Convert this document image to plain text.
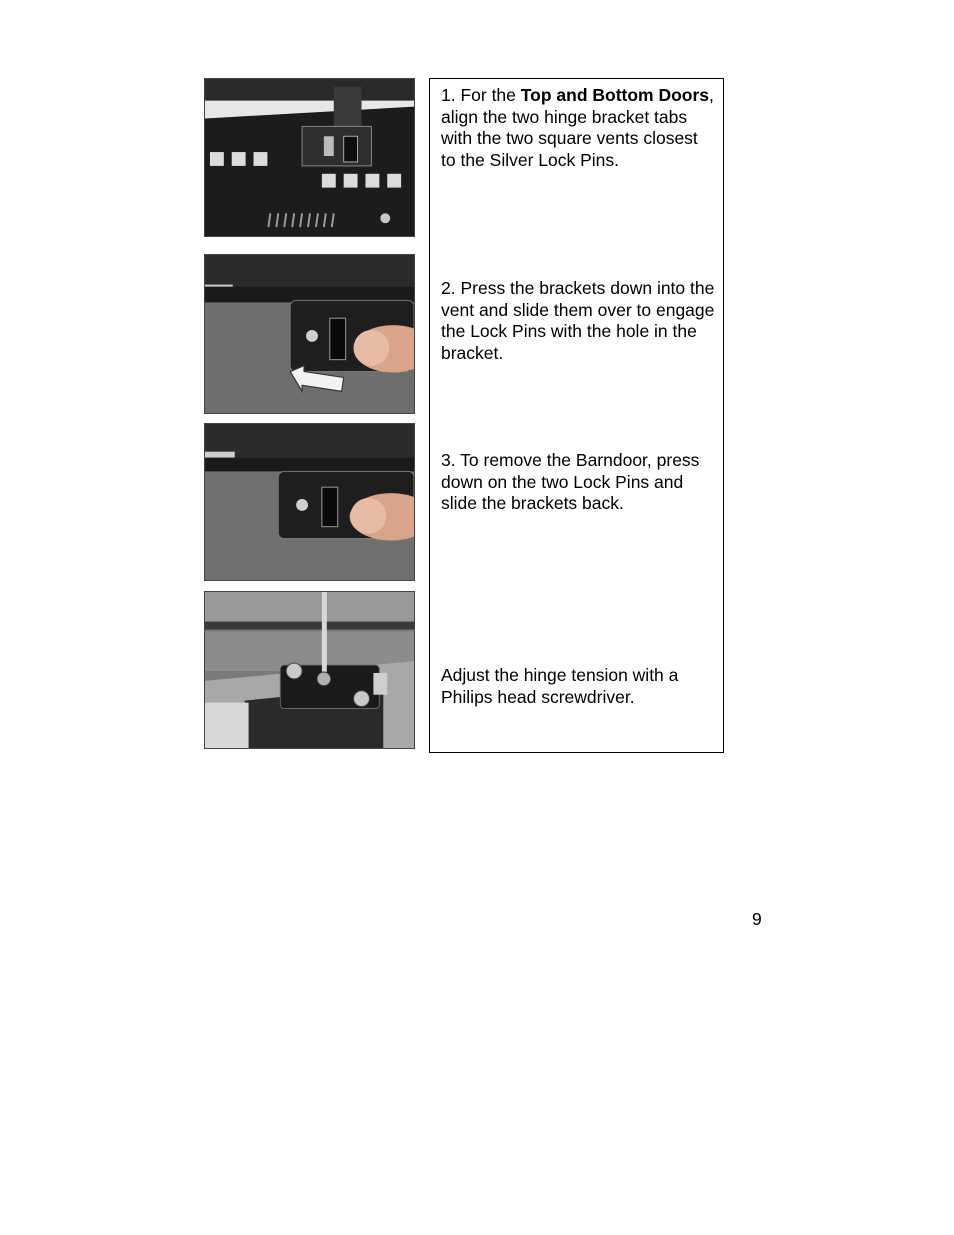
1. For the Top and Bottom Doors, align the two hinge bracket tabs with the two square vents closest to the Silver Lock Pins.
2. Press the brackets down into the vent and slide them over to engage the Lock Pins with the hole in the bracket.
3. To remove the Barndoor, press down on the two Lock Pins and slide the brackets back.
Adjust the hinge tension with a Philips head screwdriver.
9
